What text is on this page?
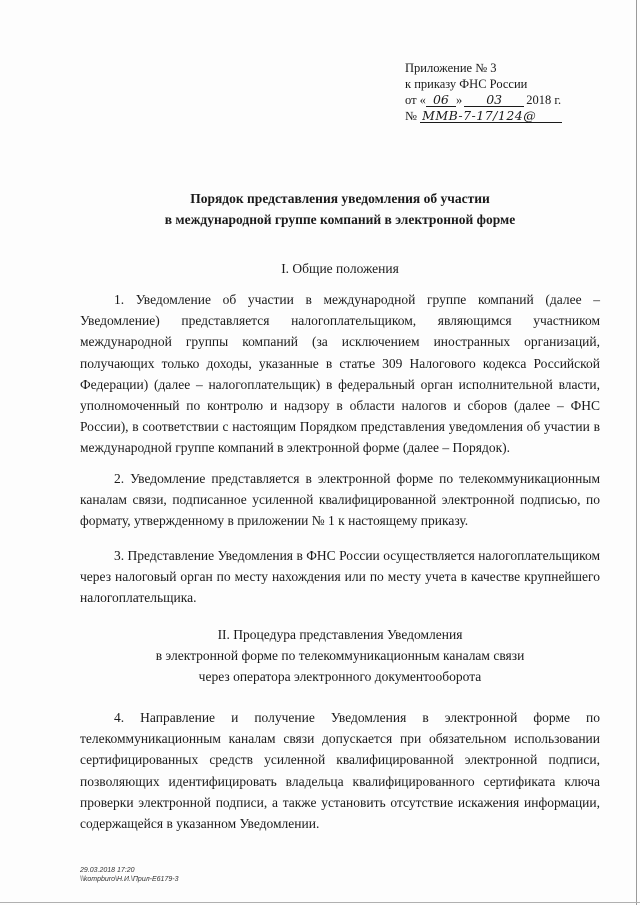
Приложение № 3
к приказу ФНС России
от « 06 » 03 2018 г.
№ ММВ-7-17/124@
Порядок представления уведомления об участии
в международной группе компаний в электронной форме
I. Общие положения
1. Уведомление об участии в международной группе компаний (далее – Уведомление) представляется налогоплательщиком, являющимся участником международной группы компаний (за исключением иностранных организаций, получающих только доходы, указанные в статье 309 Налогового кодекса Российской Федерации) (далее – налогоплательщик) в федеральный орган исполнительной власти, уполномоченный по контролю и надзору в области налогов и сборов (далее – ФНС России), в соответствии с настоящим Порядком представления уведомления об участии в международной группе компаний в электронной форме (далее – Порядок).
2. Уведомление представляется в электронной форме по телекоммуникационным каналам связи, подписанное усиленной квалифицированной электронной подписью, по формату, утвержденному в приложении № 1 к настоящему приказу.
3. Представление Уведомления в ФНС России осуществляется налогоплательщиком через налоговый орган по месту нахождения или по месту учета в качестве крупнейшего налогоплательщика.
II. Процедура представления Уведомления
в электронной форме по телекоммуникационным каналам связи
через оператора электронного документооборота
4. Направление и получение Уведомления в электронной форме по телекоммуникационным каналам связи допускается при обязательном использовании сертифицированных средств усиленной квалифицированной электронной подписи, позволяющих идентифицировать владельца квалифицированного сертификата ключа проверки электронной подписи, а также установить отсутствие искажения информации, содержащейся в указанном Уведомлении.
29.03.2018 17:20
\\kompburo\Н.И.\Прил-Е6179-3
